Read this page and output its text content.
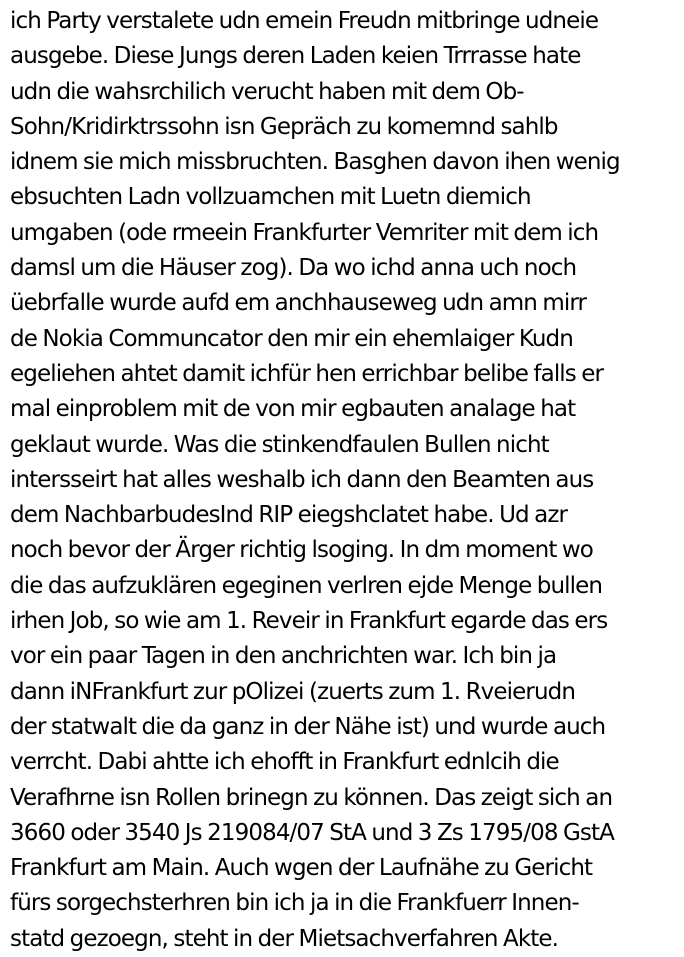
ich Party verstalete udn emein Freudn mitbringe udneie
ausgebe. Diese Jungs deren Laden keien Trrrasse hate
udn die wahsrchilich verucht haben mit dem Ob-
Sohn/Kridirktrssohn isn Gepräch zu komemnd sahlb
idnem sie mich missbruchten. Basghen davon ihen wenig
ebsuchten Ladn vollzuamchen mit Luetn diemich
umgaben (ode rmeein Frankfurter Vemriter mit dem ich
damsl um die Häuser zog). Da wo ichd anna uch noch
üebrfalle wurde aufd em anchhauseweg udn amn mirr
de Nokia Communcator den mir ein ehemlaiger Kudn
egeliehen ahtet damit ichfür hen errichbar belibe falls er
mal einproblem mit de von mir egbauten analage hat
geklaut wurde. Was die stinkendfaulen Bullen nicht
intersseirt hat alles weshalb ich dann den Beamten aus
dem NachbarbudesInd RIP eiegshclatet habe. Ud azr
noch bevor der Ärger richtig lsoging. In dm moment wo
die das aufzuklären egeginen verlren ejde Menge bullen
irhen Job, so wie am 1. Reveir in Frankfurt egarde das ers
vor ein paar Tagen in den anchrichten war. Ich bin ja
dann iNFrankfurt zur pOlizei (zuerts zum 1. Rveierudn
der statwalt die da ganz in der Nähe ist) und wurde auch
verrcht. Dabi ahtte ich ehofft in Frankfurt ednlcih die
Verafhrne isn Rollen brinegn zu können. Das zeigt sich an
3660 oder 3540 Js 219084/07 StA und 3 Zs 1795/08 GstA
Frankfurt am Main. Auch wgen der Laufnähe zu Gericht
fürs sorgechsterhren bin ich ja in die Frankfuerr Innen-
statd gezoegn, steht in der Mietsachverfahren Akte.
